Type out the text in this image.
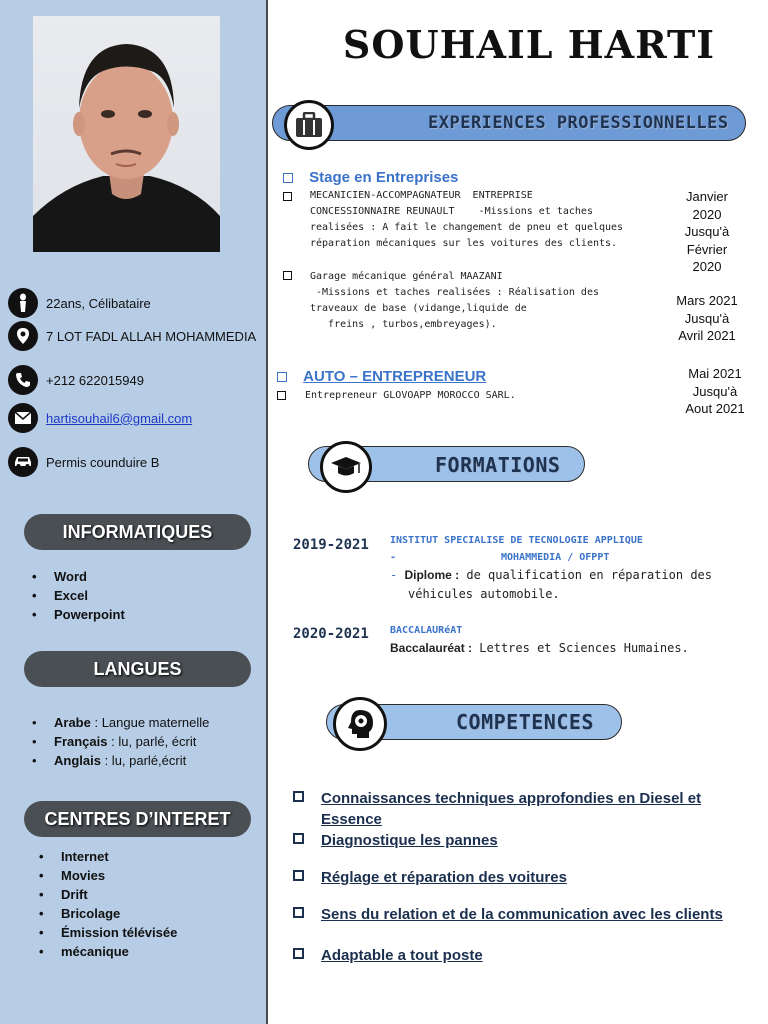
22ans, Célibataire
7 LOT FADL ALLAH MOHAMMEDIA
+212 622015949
hartisouhail6@gmail.com
Permis counduire B
INFORMATIQUES
• Word
• Excel
• Powerpoint
LANGUES
• Arabe : Langue maternelle
• Français : lu, parlé, écrit
• Anglais : lu, parlé,écrit
CENTRES D’INTERET
• Internet
• Movies
• Drift
• Bricolage
• Émission télévisée
• mécanique
SOUHAIL HARTI
EXPERIENCES PROFESSIONNELLES
Stage en Entreprises
MECANICIEN-ACCOMPAGNATEUR  ENTREPRISE
CONCESSIONNAIRE REUNAULT    -Missions et taches
realisées : A fait le changement de pneu et quelques
réparation mécaniques sur les voitures des clients.
Janvier
2020
Jusqu'à
Février
2020
Garage mécanique général MAAZANI
-Missions et taches realisées : Réalisation des
traveaux de base (vidange,liquide de
freins , turbos,embreyages).
Mars 2021
Jusqu'à
Avril 2021
AUTO – ENTREPRENEUR
Entrepreneur GLOVOAPP MOROCCO SARL.
Mai 2021
Jusqu'à
Aout 2021
FORMATIONS
2019-2021 INSTITUT SPECIALISE DE TECNOLOGIE APPLIQUE
-	MOHAMMEDIA / OFPPT
- Diplome : de qualification en réparation des
véhicules automobile.
2020-2021 BACCALAURéAT
Baccalauréat : Lettres et Sciences Humaines.
COMPETENCES
Connaissances techniques approfondies en Diesel et Essence
Diagnostique les pannes
Réglage et réparation des voitures
Sens du relation et de la communication avec les clients
Adaptable a tout poste
